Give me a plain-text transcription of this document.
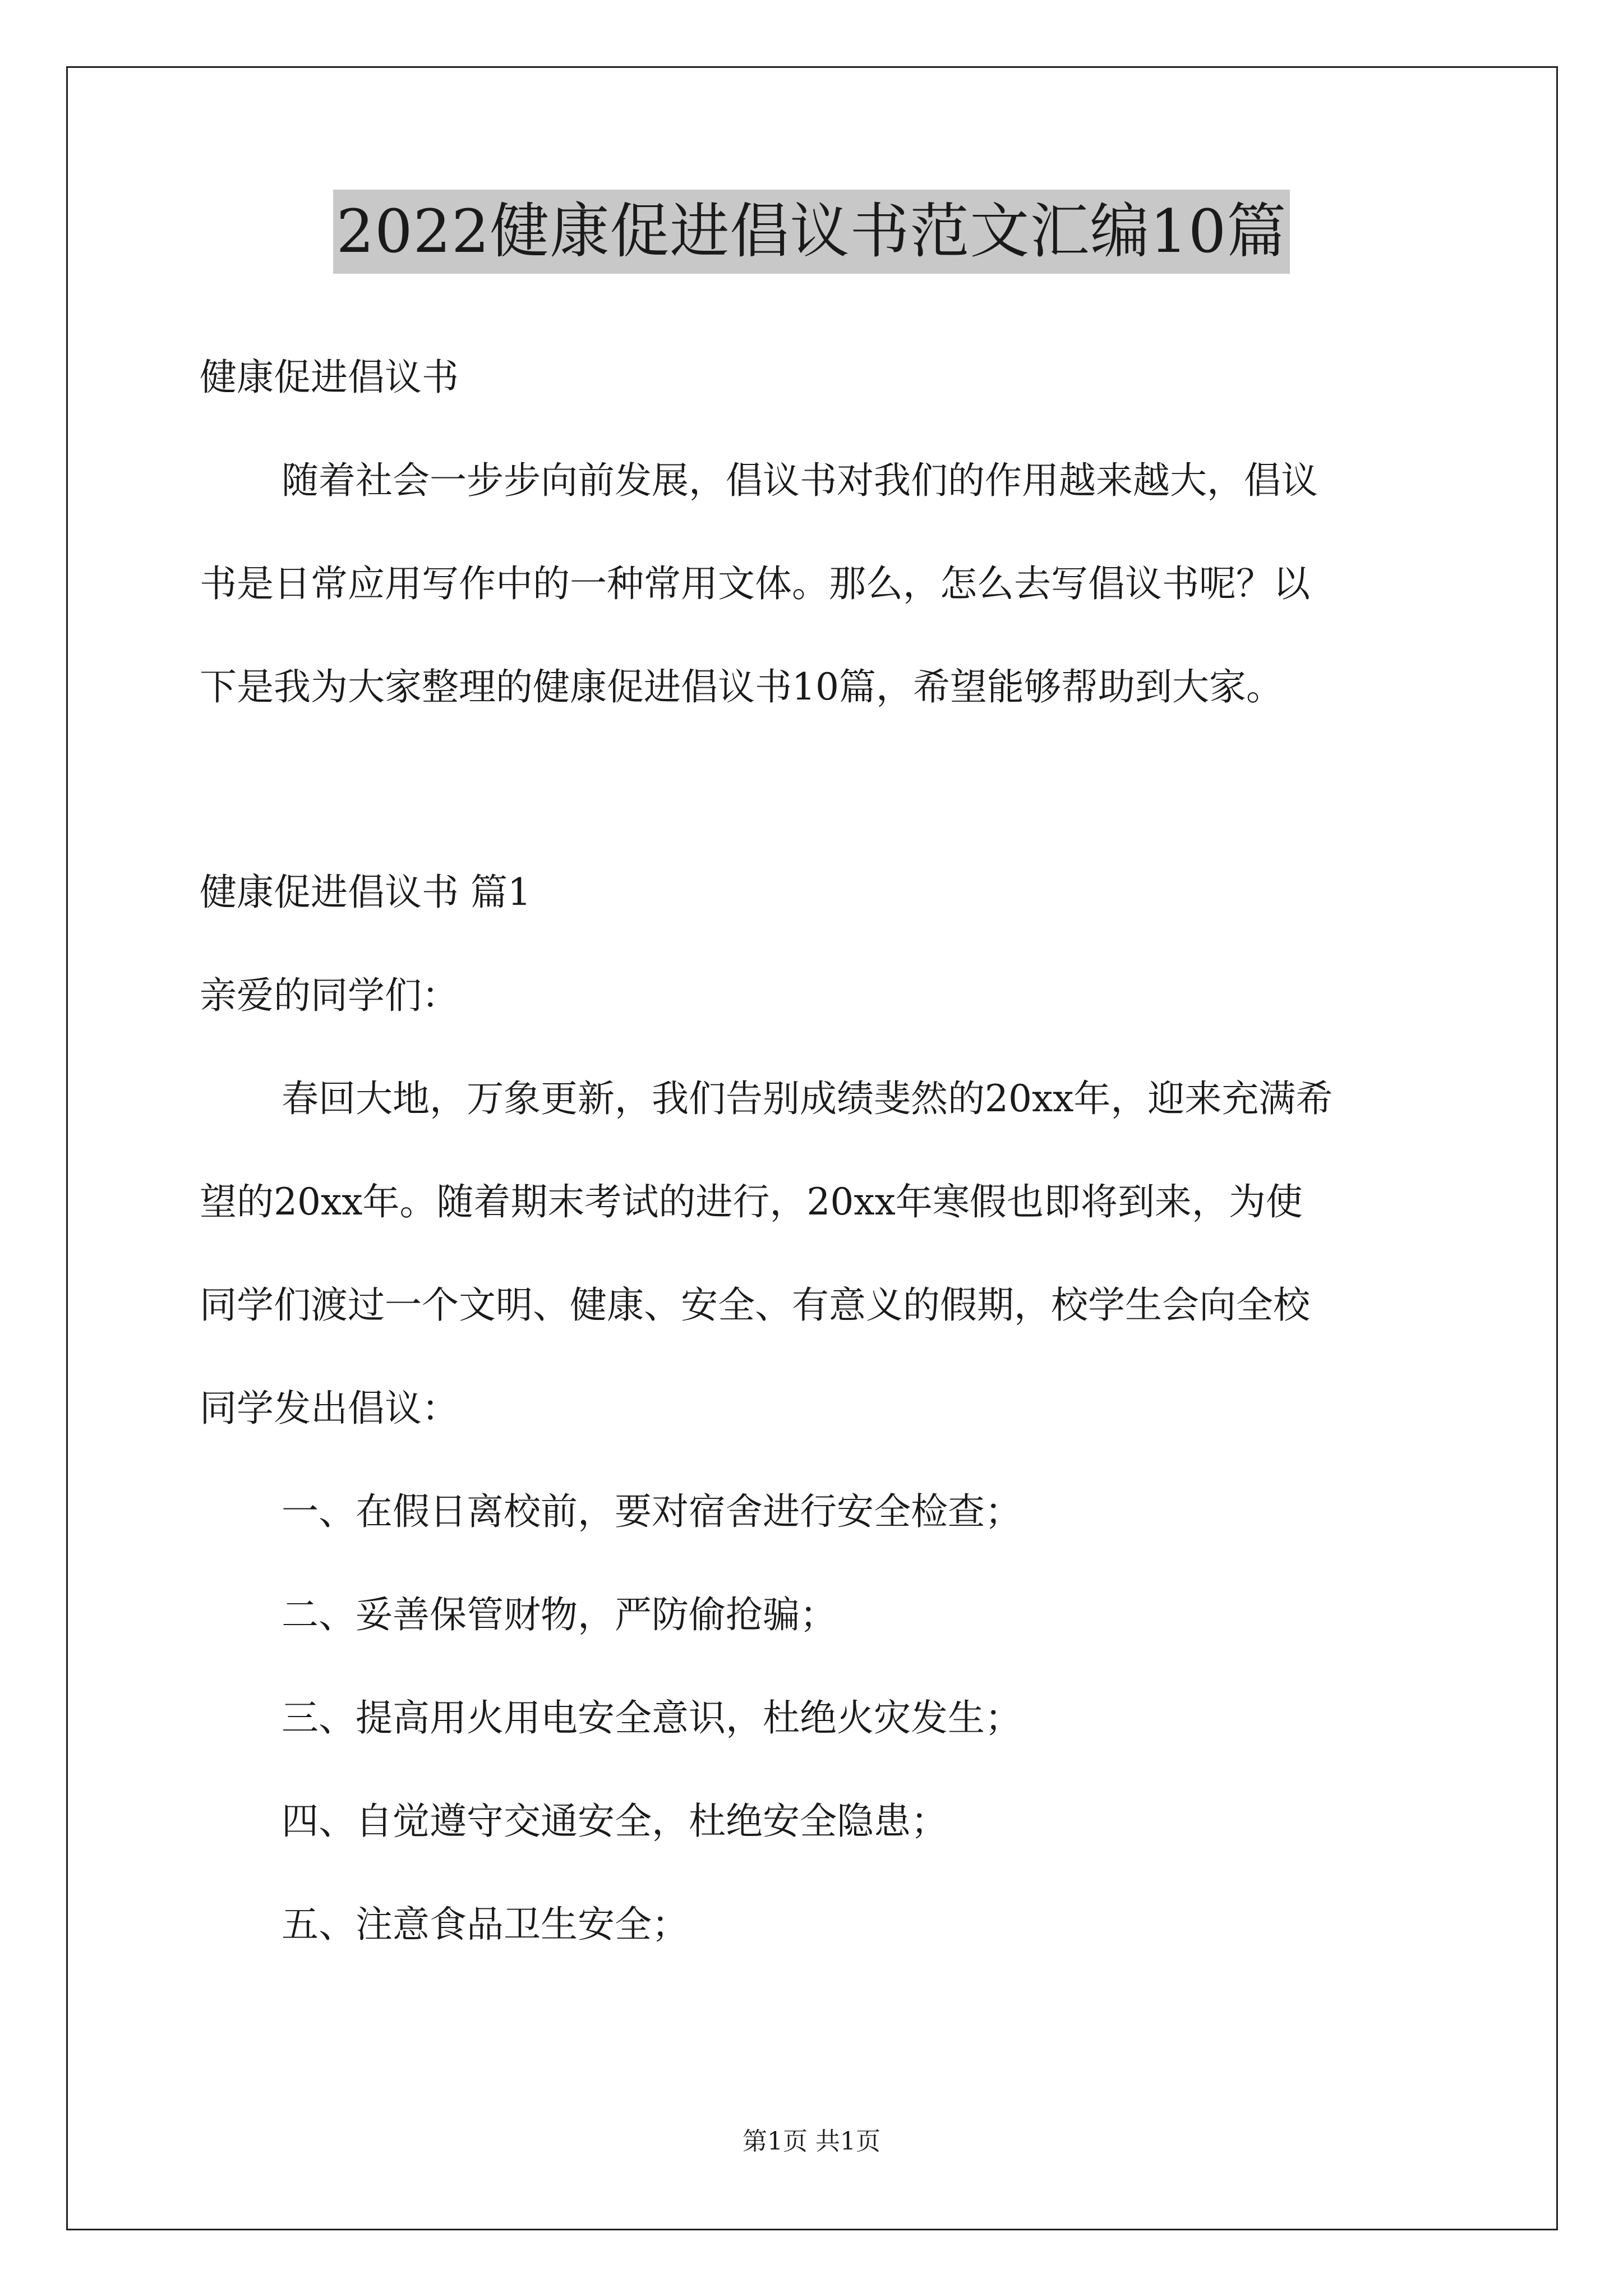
2022健康促进倡议书范文汇编10篇

健康促进倡议书

随着社会一步步向前发展，倡议书对我们的作用越来越大，倡议

书是日常应用写作中的一种常用文体。那么，怎么去写倡议书呢？以

下是我为大家整理的健康促进倡议书10篇，希望能够帮助到大家。

健康促进倡议书 篇1

亲爱的同学们：

春回大地，万象更新，我们告别成绩斐然的20xx年，迎来充满希

望的20xx年。随着期末考试的进行，20xx年寒假也即将到来，为使

同学们渡过一个文明、健康、安全、有意义的假期，校学生会向全校

同学发出倡议：

一、在假日离校前，要对宿舍进行安全检查；

二、妥善保管财物，严防偷抢骗；

三、提高用火用电安全意识，杜绝火灾发生；

四、自觉遵守交通安全，杜绝安全隐患；

五、注意食品卫生安全；

第1页 共1页
